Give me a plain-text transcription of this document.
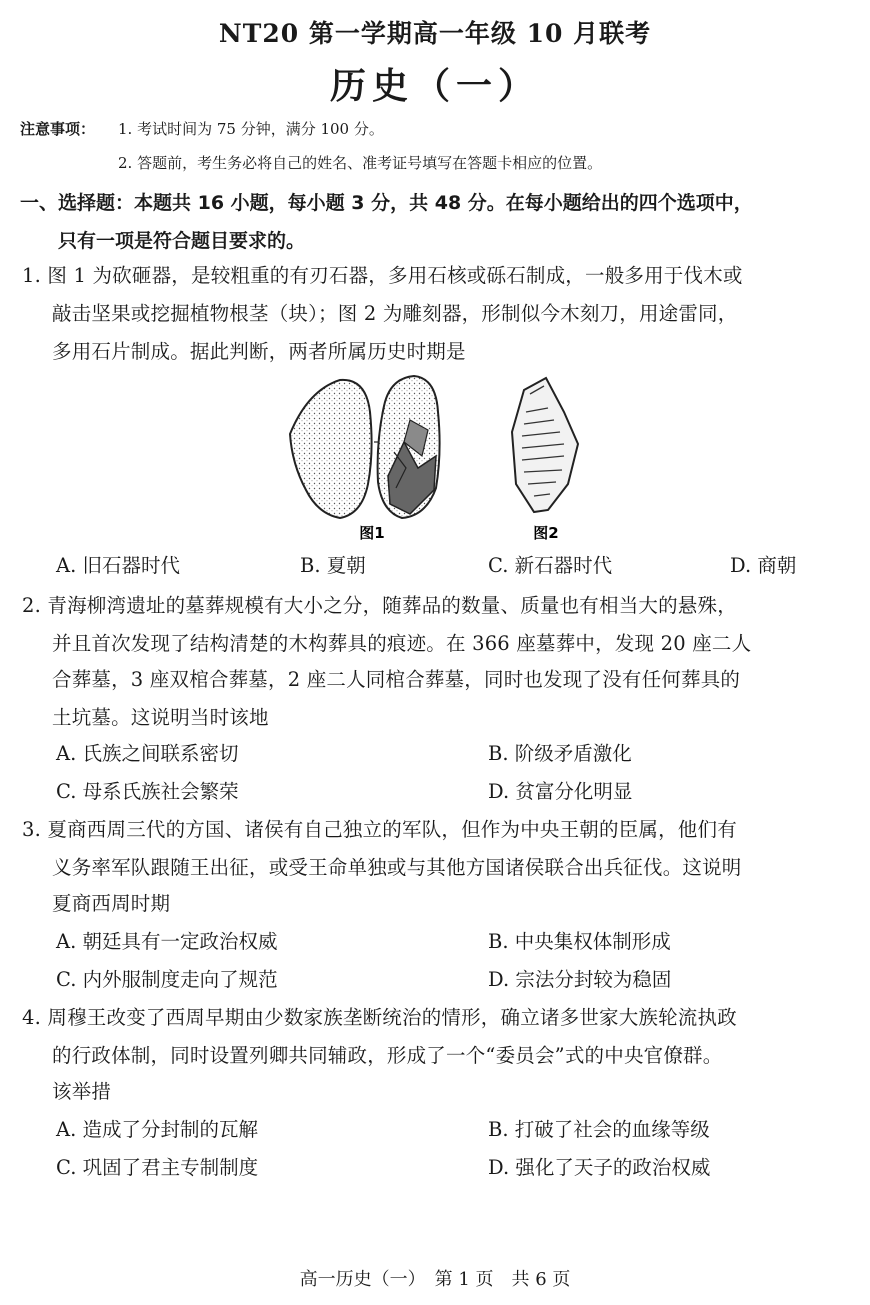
NT20 第一学期高一年级 10 月联考
历史（一）
注意事项： 1. 考试时间为 75 分钟，满分 100 分。
2. 答题前，考生务必将自己的姓名、准考证号填写在答题卡相应的位置。
一、选择题：本题共 16 小题，每小题 3 分，共 48 分。在每小题给出的四个选项中，
只有一项是符合题目要求的。
1. 图 1 为砍砸器，是较粗重的有刃石器，多用石核或砾石制成，一般多用于伐木或
敲击坚果或挖掘植物根茎（块）；图 2 为雕刻器，形制似今木刻刀，用途雷同，
多用石片制成。据此判断，两者所属历史时期是
图1	图2
A. 旧石器时代	B. 夏朝	C. 新石器时代	D. 商朝
2. 青海柳湾遗址的墓葬规模有大小之分，随葬品的数量、质量也有相当大的悬殊，
并且首次发现了结构清楚的木构葬具的痕迹。在 366 座墓葬中，发现 20 座二人
合葬墓，3 座双棺合葬墓，2 座二人同棺合葬墓，同时也发现了没有任何葬具的
土坑墓。这说明当时该地
A. 氏族之间联系密切	B. 阶级矛盾激化
C. 母系氏族社会繁荣	D. 贫富分化明显
3. 夏商西周三代的方国、诸侯有自己独立的军队，但作为中央王朝的臣属，他们有
义务率军队跟随王出征，或受王命单独或与其他方国诸侯联合出兵征伐。这说明
夏商西周时期
A. 朝廷具有一定政治权威	B. 中央集权体制形成
C. 内外服制度走向了规范	D. 宗法分封较为稳固
4. 周穆王改变了西周早期由少数家族垄断统治的情形，确立诸多世家大族轮流执政
的行政体制，同时设置列卿共同辅政，形成了一个“委员会”式的中央官僚群。
该举措
A. 造成了分封制的瓦解	B. 打破了社会的血缘等级
C. 巩固了君主专制制度	D. 强化了天子的政治权威
高一历史（一）　第 1 页　共 6 页
